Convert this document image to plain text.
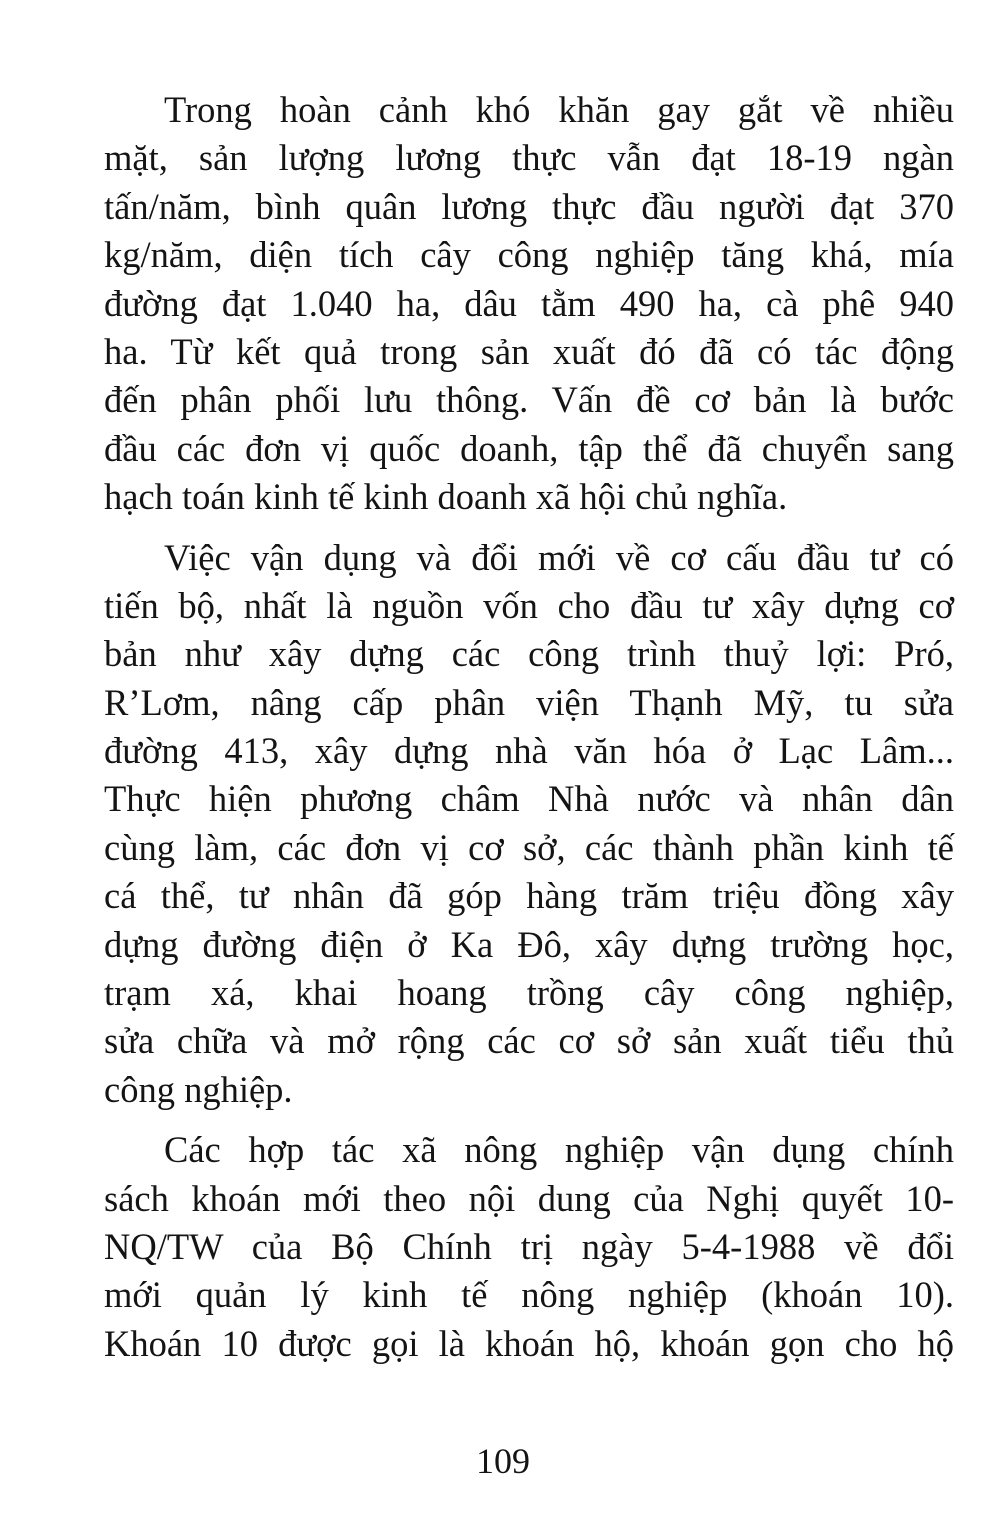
Trong hoàn cảnh khó khăn gay gắt về nhiều
mặt, sản lượng lương thực vẫn đạt 18-19 ngàn
tấn/năm, bình quân lương thực đầu người đạt 370
kg/năm, diện tích cây công nghiệp tăng khá, mía
đường đạt 1.040 ha, dâu tằm 490 ha, cà phê 940
ha. Từ kết quả trong sản xuất đó đã có tác động
đến phân phối lưu thông. Vấn đề cơ bản là bước
đầu các đơn vị quốc doanh, tập thể đã chuyển sang
hạch toán kinh tế kinh doanh xã hội chủ nghĩa.

Việc vận dụng và đổi mới về cơ cấu đầu tư có
tiến bộ, nhất là nguồn vốn cho đầu tư xây dựng cơ
bản như xây dựng các công trình thuỷ lợi: Pró,
R’Lơm, nâng cấp phân viện Thạnh Mỹ, tu sửa
đường 413, xây dựng nhà văn hóa ở Lạc Lâm...
Thực hiện phương châm Nhà nước và nhân dân
cùng làm, các đơn vị cơ sở, các thành phần kinh tế
cá thể, tư nhân đã góp hàng trăm triệu đồng xây
dựng đường điện ở Ka Đô, xây dựng trường học,
trạm xá, khai hoang trồng cây công nghiệp,
sửa chữa và mở rộng các cơ sở sản xuất tiểu thủ
công nghiệp.

Các hợp tác xã nông nghiệp vận dụng chính
sách khoán mới theo nội dung của Nghị quyết 10-
NQ/TW của Bộ Chính trị ngày 5-4-1988 về đổi
mới quản lý kinh tế nông nghiệp (khoán 10).
Khoán 10 được gọi là khoán hộ, khoán gọn cho hộ

109
